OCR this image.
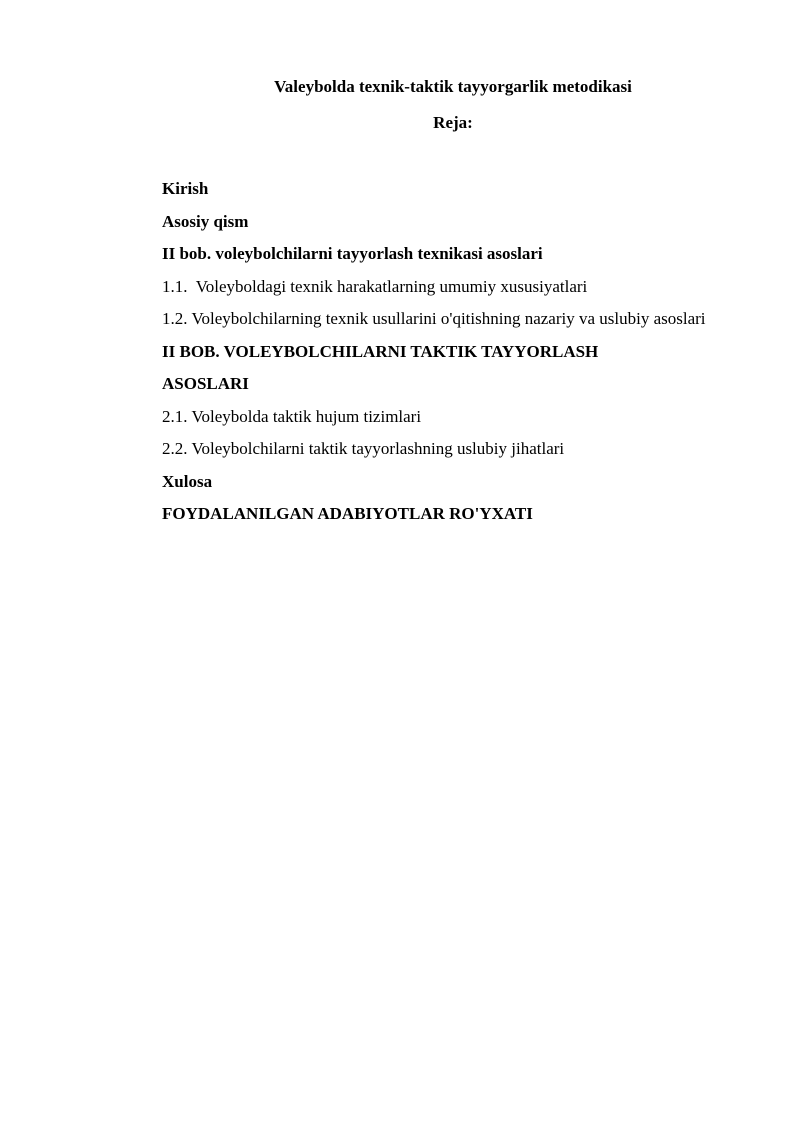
Valeybolda texnik-taktik tayyorgarlik metodikasi
Reja:
Kirish
Asosiy qism
II bob. voleybolchilarni tayyorlash texnikasi asoslari
1.1.  Voleyboldagi texnik harakatlarning umumiy xususiyatlari
1.2. Voleybolchilarning texnik usullarini o'qitishning nazariy va uslubiy asoslari
II BOB. VOLEYBOLCHILARNI TAKTIK TAYYORLASH
ASOSLARI
2.1. Voleybolda taktik hujum tizimlari
2.2. Voleybolchilarni taktik tayyorlashning uslubiy jihatlari
Xulosa
FOYDALANILGAN ADABIYOTLAR RO'YXATI
